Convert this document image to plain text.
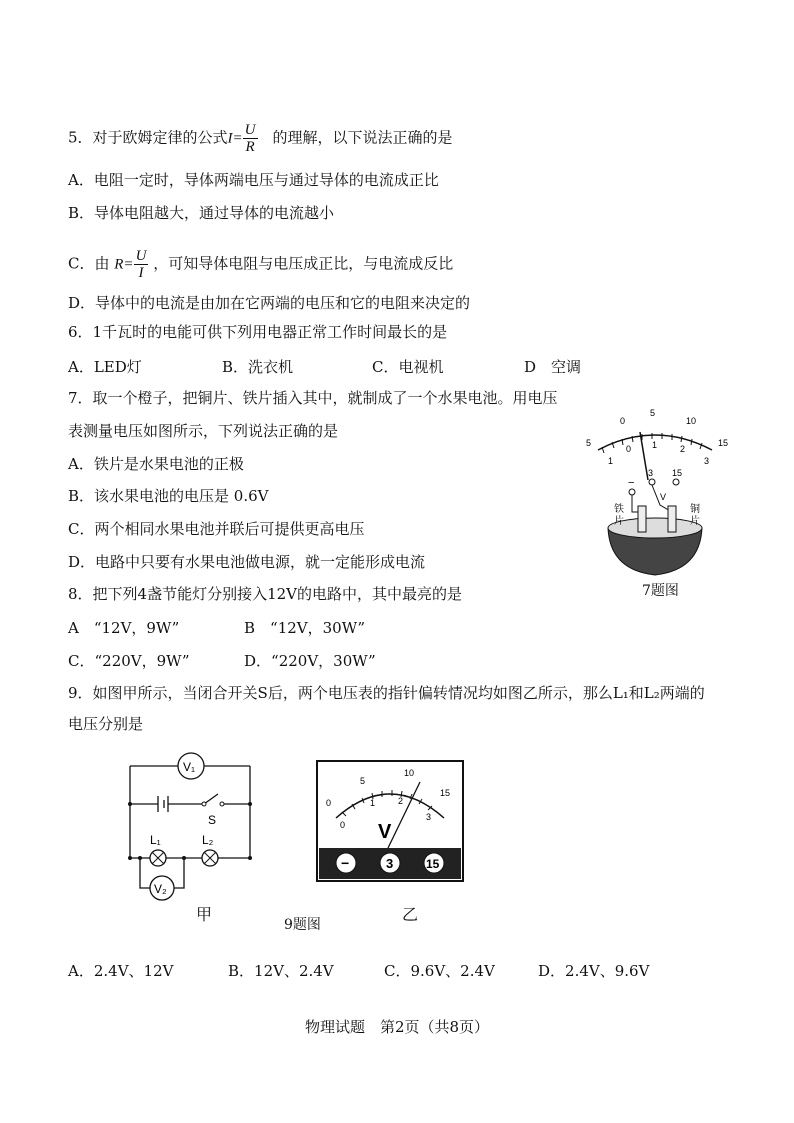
5．对于欧姆定律的公式$I= \frac{U}{R}$
　 的理解，以下说法正确的是
A．电阻一定时，导体两端电压与通过导体的电流成正比
B．导体电阻越大，通过导体的电流越小
C．由 $R= \frac{U}{I}$ ，可知导体电阻与电压成正比，与电流成反比
D．导体中的电流是由加在它两端的电压和它的电阻来决定的
6．1千瓦时的电能可供下列用电器正常工作时间最长的是
A．LED灯	B．洗衣机	C．电视机	D　空调
7．取一个橙子，把铜片、铁片插入其中，就制成了一个水果电池。用电压
表测量电压如图所示，下列说法正确的是
A．铁片是水果电池的正极
B．该水果电池的电压是 0.6V
C．两个相同水果电池并联后可提供更高电压
D．电路中只要有水果电池做电源，就一定能形成电流
5
0
5
10
15
1
0 1	2
3
−
3 15
V
铁
片
铜
片
7题图
8．把下列4盏节能灯分别接入12V的电路中，其中最亮的是
A　“12V，9W”	B　“12V，30W”
C．“220V，9W”	D．“220V，30W”
9．如图甲所示，当闭合开关S后，两个电压表的指针偏转情况均如图乙所示，那么L₁和L₂两端的
电压分别是
V₁
S
L₁	L₂
V₂
甲
0
5
10
15
0
1	2
3
V
−	3	15
9题图
乙
A．2.4V、12V	B．12V、2.4V	C．9.6V、2.4V	D．2.4V、9.6V
物理试题　第2页（共8页）
